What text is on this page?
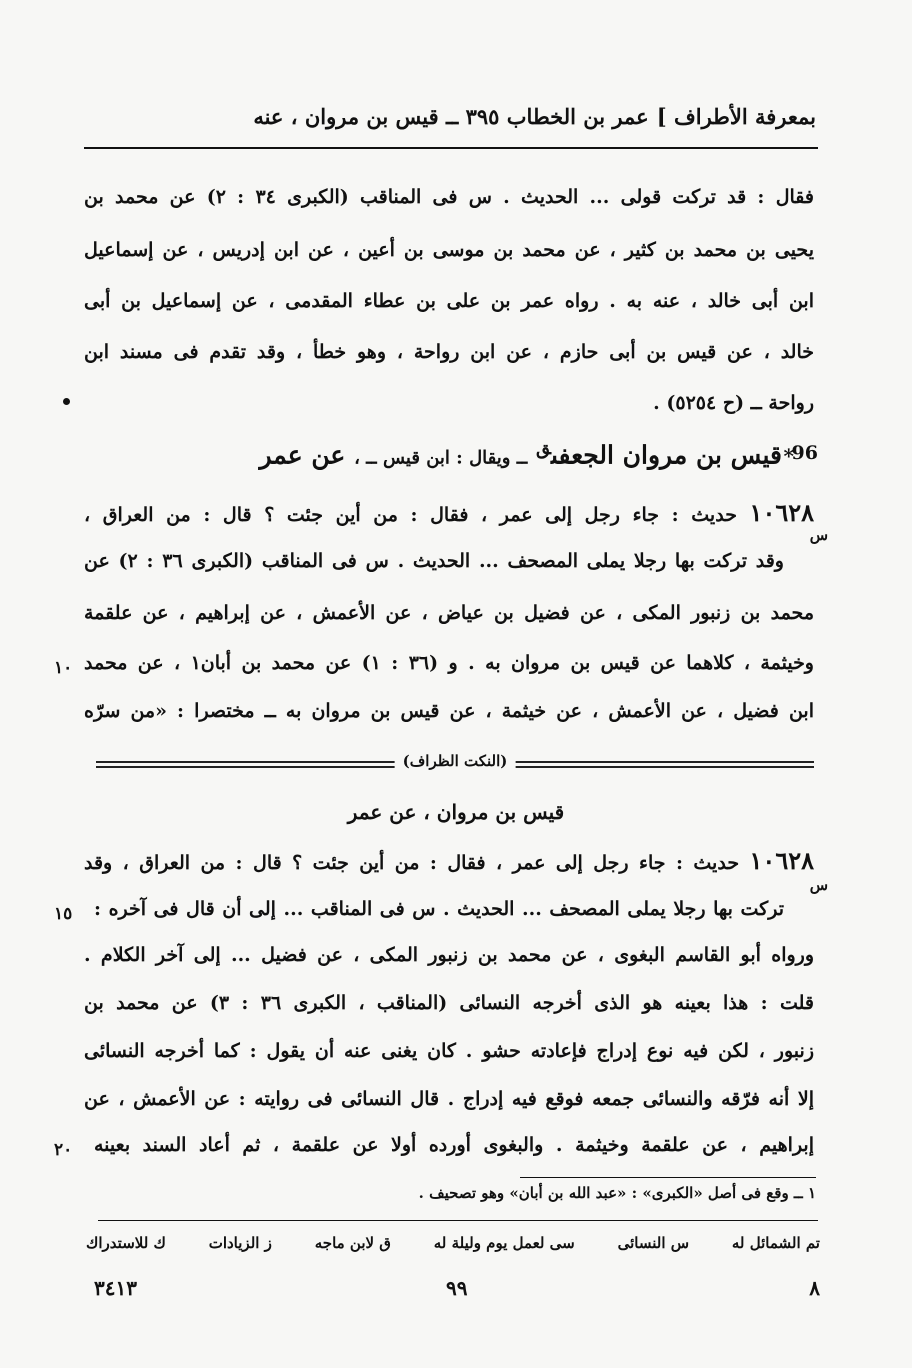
بمعرفة الأطراف ]
عمر بن الخطاب ٣٩٥ ــ قيس بن مروان ، عنه
فقال : قد تركت قولى ... الحديث . س فى المناقب (الكبرى ٣٤ : ٢) عن محمد بن
يحيى بن محمد بن كثير ، عن محمد بن موسى بن أعين ، عن ابن إدريس ، عن إسماعيل
ابن أبى خالد ، عنه به . رواه عمر بن على بن عطاء المقدمى ، عن إسماعيل بن أبى
خالد ، عن قيس بن أبى حازم ، عن ابن رواحة ، وهو خطأ ، وقد تقدم فى مسند ابن
رواحة ــ (ح ٥٢٥٤) .
96
*
قيس بن مروان الجعفى$^ق$ ــ ويقال : ابن قيس ــ ، عن عمر
١٠٦٢٨ حديث : جاء رجل إلى عمر ، فقال : من أين جئت ؟ قال : من العراق ،
س
وقد تركت بها رجلا يملى المصحف ... الحديث . س فى المناقب (الكبرى ٣٦ : ٢) عن
محمد بن زنبور المكى ، عن فضيل بن عياض ، عن الأعمش ، عن إبراهيم ، عن علقمة
وخيثمة ، كلاهما عن قيس بن مروان به . و (٣٦ : ١) عن محمد بن أبان١ ، عن محمد
ابن فضيل ، عن الأعمش ، عن خيثمة ، عن قيس بن مروان به ــ مختصرا : «من سرّه
١٠
(النكت الظراف)
قيس بن مروان ، عن عمر
١٠٦٢٨ حديث : جاء رجل إلى عمر ، فقال : من أين جئت ؟ قال : من العراق ، وقد
س
تركت بها رجلا يملى المصحف ... الحديث . س فى المناقب ... إلى أن قال فى آخره :
ورواه أبو القاسم البغوى ، عن محمد بن زنبور المكى ، عن فضيل ... إلى آخر الكلام .
قلت : هذا بعينه هو الذى أخرجه النسائى (المناقب ، الكبرى ٣٦ : ٣) عن محمد بن
زنبور ، لكن فيه نوع إدراج فإعادته حشو . كان يغنى عنه أن يقول : كما أخرجه النسائى
إلا أنه فرّقه والنسائى جمعه فوقع فيه إدراج . قال النسائى فى روايته : عن الأعمش ، عن
إبراهيم ، عن علقمة وخيثمة . والبغوى أورده أولا عن علقمة ، ثم أعاد السند بعينه
١٥
٢٠
١ ــ وقع فى أصل «الكبرى» : «عبد الله بن أبان» وهو تصحيف .
تم الشمائل له
س النسائى
سى لعمل يوم وليلة له
ق لابن ماجه
ز الزيادات
ك للاستدراك
٨
٩٩
٣٤١٣
